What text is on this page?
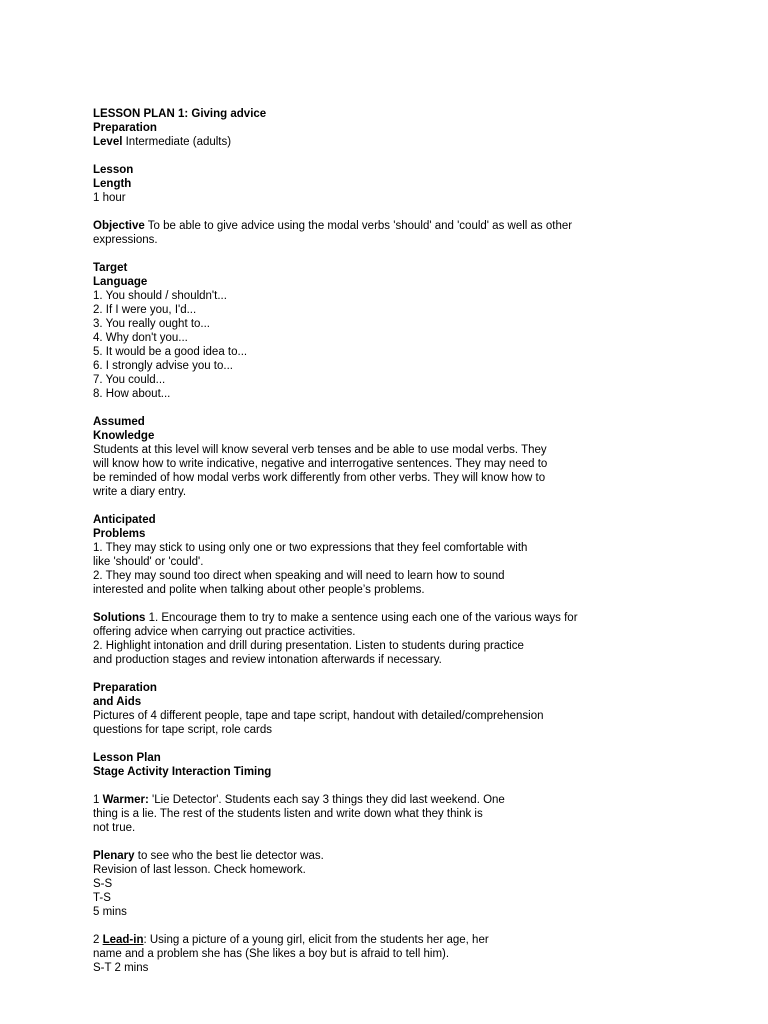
LESSON PLAN 1: Giving advice
Preparation
Level Intermediate (adults)
Lesson
Length
1 hour
Objective To be able to give advice using the modal verbs 'should' and 'could' as well as other
expressions.
Target
Language
1. You should / shouldn't...
2. If I were you, I'd...
3. You really ought to...
4. Why don't you...
5. It would be a good idea to...
6. I strongly advise you to...
7. You could...
8. How about...
Assumed
Knowledge
Students at this level will know several verb tenses and be able to use modal verbs. They
will know how to write indicative, negative and interrogative sentences. They may need to
be reminded of how modal verbs work differently from other verbs. They will know how to
write a diary entry.
Anticipated
Problems
1. They may stick to using only one or two expressions that they feel comfortable with
like 'should' or 'could'.
2. They may sound too direct when speaking and will need to learn how to sound
interested and polite when talking about other people’s problems.
Solutions 1. Encourage them to try to make a sentence using each one of the various ways for
offering advice when carrying out practice activities.
2. Highlight intonation and drill during presentation. Listen to students during practice
and production stages and review intonation afterwards if necessary.
Preparation
and Aids
Pictures of 4 different people, tape and tape script, handout with detailed/comprehension
questions for tape script, role cards
Lesson Plan
Stage Activity Interaction Timing
1 Warmer: 'Lie Detector'. Students each say 3 things they did last weekend. One
thing is a lie. The rest of the students listen and write down what they think is
not true.
Plenary to see who the best lie detector was.
Revision of last lesson. Check homework.
S-S
T-S
5 mins
2 Lead-in: Using a picture of a young girl, elicit from the students her age, her
name and a problem she has (She likes a boy but is afraid to tell him).
S-T 2 mins
